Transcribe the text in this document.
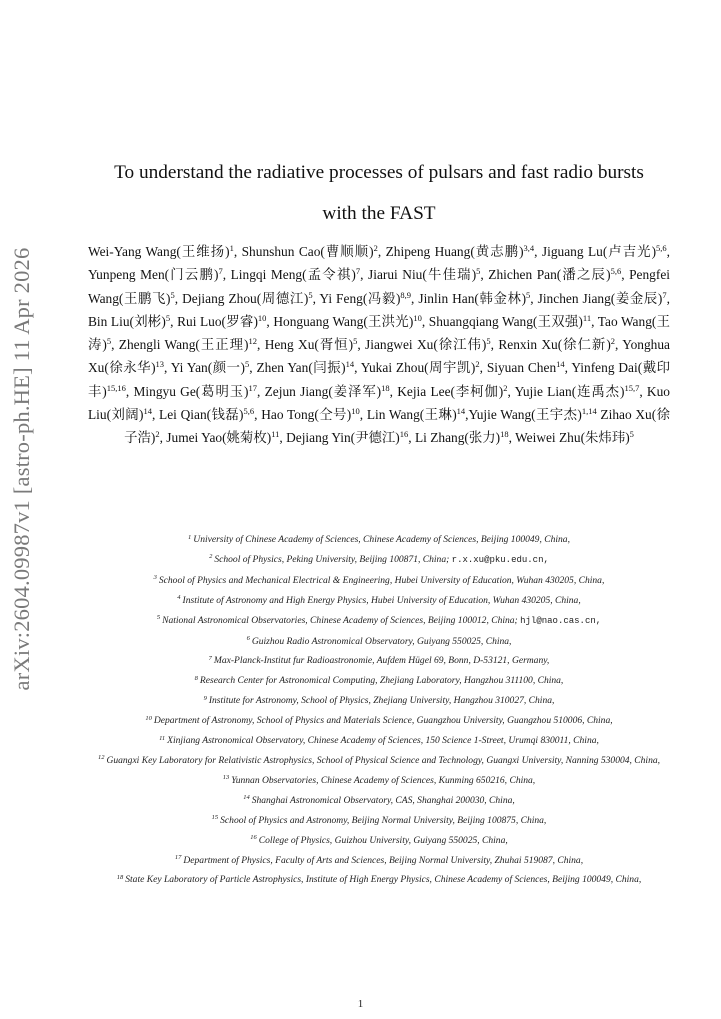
arXiv:2604.09987v1 [astro-ph.HE] 11 Apr 2026
To understand the radiative processes of pulsars and fast radio bursts
with the FAST
Wei-Yang Wang(王维扬)$^1$, Shunshun Cao(曹顺顺)$^2$, Zhipeng Huang(黄志鹏)$^{3,4}$, Jiguang Lu(卢吉光)$^{5,6}$, Yunpeng Men(门云鹏)$^7$, Lingqi Meng(孟令祺)$^7$, Jiarui Niu(牛佳瑞)$^5$, Zhichen Pan(潘之辰)$^{5,6}$, Pengfei Wang(王鹏飞)$^5$, Dejiang Zhou(周德江)$^5$, Yi Feng(冯毅)$^{8,9}$, Jinlin Han(韩金林)$^5$, Jinchen Jiang(姜金辰)$^7$, Bin Liu(刘彬)$^5$, Rui Luo(罗睿)$^{10}$, Honguang Wang(王洪光)$^{10}$, Shuangqiang Wang(王双强)$^{11}$, Tao Wang(王涛)$^5$, Zhengli Wang(王正理)$^{12}$, Heng Xu(胥恒)$^5$, Jiangwei Xu(徐江伟)$^5$, Renxin Xu(徐仁新)$^2$, Yonghua Xu(徐永华)$^{13}$, Yi Yan(颜一)$^5$, Zhen Yan(闫振)$^{14}$, Yukai Zhou(周宇凯)$^2$, Siyuan Chen$^{14}$, Yinfeng Dai(戴印丰)$^{15,16}$, Mingyu Ge(葛明玉)$^{17}$, Zejun Jiang(姜泽军)$^{18}$, Kejia Lee(李柯伽)$^2$, Yujie Lian(连禹杰)$^{15,7}$, Kuo Liu(刘阔)$^{14}$, Lei Qian(钱磊)$^{5,6}$, Hao Tong(仝号)$^{10}$, Lin Wang(王琳)$^{14}$,Yujie Wang(王宇杰)$^{1,14}$ Zihao Xu(徐子浩)$^2$, Jumei Yao(姚菊枚)$^{11}$, Dejiang Yin(尹德江)$^{16}$, Li Zhang(张力)$^{18}$, Weiwei Zhu(朱炜玮)$^5$
$^1$ University of Chinese Academy of Sciences, Chinese Academy of Sciences, Beijing 100049, China,
$^2$ School of Physics, Peking University, Beijing 100871, China; r.x.xu@pku.edu.cn,
$^3$ School of Physics and Mechanical Electrical & Engineering, Hubei University of Education, Wuhan 430205, China,
$^4$ Institute of Astronomy and High Energy Physics, Hubei University of Education, Wuhan 430205, China,
$^5$ National Astronomical Observatories, Chinese Academy of Sciences, Beijing 100012, China; hjl@nao.cas.cn,
$^6$ Guizhou Radio Astronomical Observatory, Guiyang 550025, China,
$^7$ Max-Planck-Institut fur Radioastronomie, Aufdem Hügel 69, Bonn, D-53121, Germany,
$^8$ Research Center for Astronomical Computing, Zhejiang Laboratory, Hangzhou 311100, China,
$^9$ Institute for Astronomy, School of Physics, Zhejiang University, Hangzhou 310027, China,
$^{10}$ Department of Astronomy, School of Physics and Materials Science, Guangzhou University, Guangzhou 510006, China,
$^{11}$ Xinjiang Astronomical Observatory, Chinese Academy of Sciences, 150 Science 1-Street, Urumqi 830011, China,
$^{12}$ Guangxi Key Laboratory for Relativistic Astrophysics, School of Physical Science and Technology, Guangxi University, Nanning 530004, China,
$^{13}$ Yunnan Observatories, Chinese Academy of Sciences, Kunming 650216, China,
$^{14}$ Shanghai Astronomical Observatory, CAS, Shanghai 200030, China,
$^{15}$ School of Physics and Astronomy, Beijing Normal University, Beijing 100875, China,
$^{16}$ College of Physics, Guizhou University, Guiyang 550025, China,
$^{17}$ Department of Physics, Faculty of Arts and Sciences, Beijing Normal University, Zhuhai 519087, China,
$^{18}$ State Key Laboratory of Particle Astrophysics, Institute of High Energy Physics, Chinese Academy of Sciences, Beijing 100049, China,
1
